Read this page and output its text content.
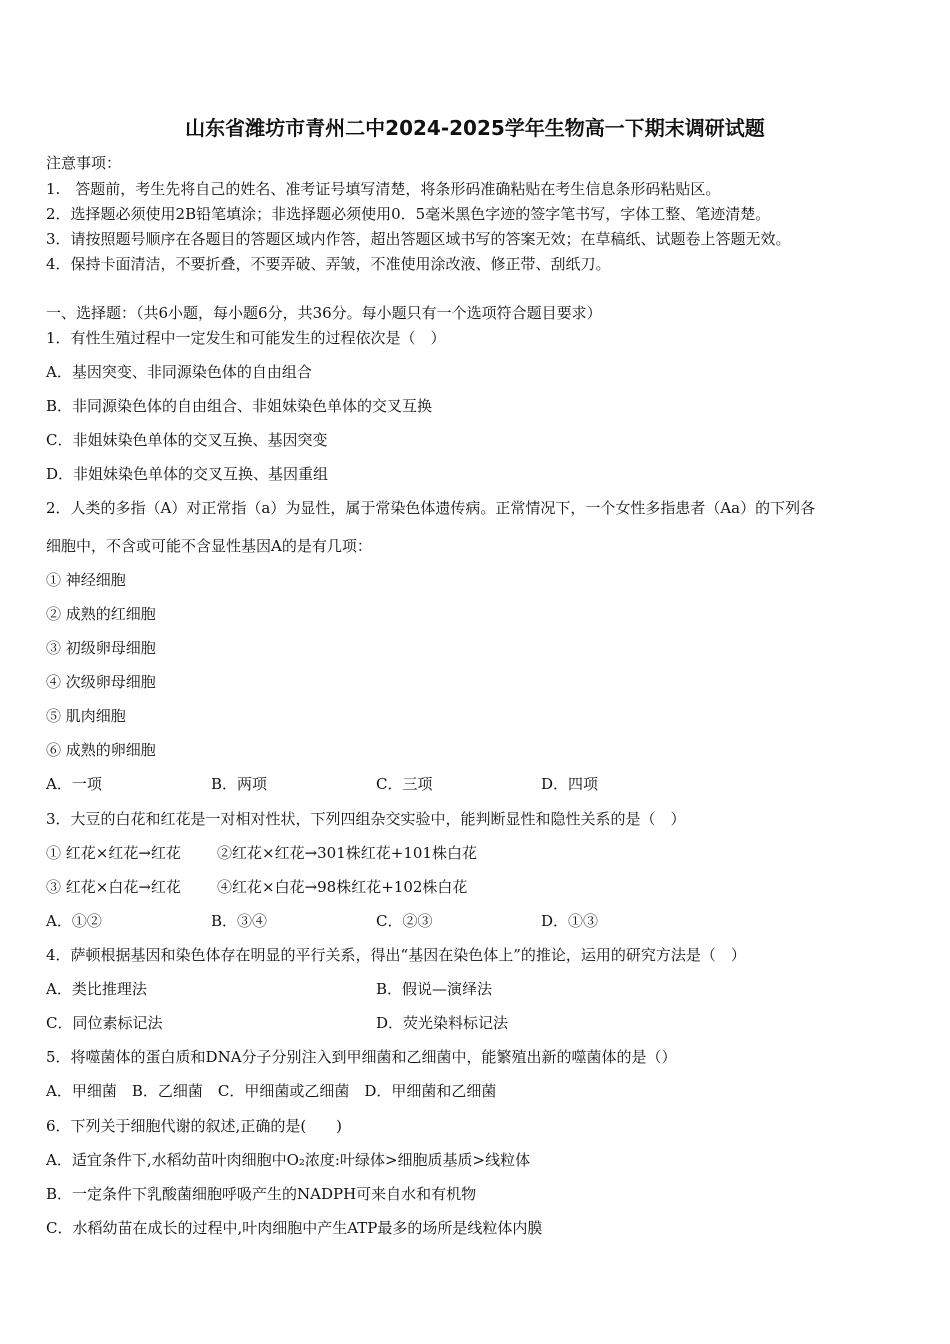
山东省潍坊市青州二中2024-2025学年生物高一下期末调研试题
注意事项：
1.　答题前，考生先将自己的姓名、准考证号填写清楚，将条形码准确粘贴在考生信息条形码粘贴区。
2．选择题必须使用2B铅笔填涂；非选择题必须使用0．5毫米黑色字迹的签字笔书写，字体工整、笔迹清楚。
3．请按照题号顺序在各题目的答题区域内作答，超出答题区域书写的答案无效；在草稿纸、试题卷上答题无效。
4．保持卡面清洁，不要折叠，不要弄破、弄皱，不准使用涂改液、修正带、刮纸刀。
一、选择题：（共6小题，每小题6分，共36分。每小题只有一个选项符合题目要求）
1．有性生殖过程中一定发生和可能发生的过程依次是（　）
A．基因突变、非同源染色体的自由组合
B．非同源染色体的自由组合、非姐妹染色单体的交叉互换
C．非姐妹染色单体的交叉互换、基因突变
D．非姐妹染色单体的交叉互换、基因重组
2．人类的多指（A）对正常指（a）为显性，属于常染色体遗传病。正常情况下，一个女性多指患者（Aa）的下列各
细胞中，不含或可能不含显性基因A的是有几项：
① 神经细胞
② 成熟的红细胞
③ 初级卵母细胞
④ 次级卵母细胞
⑤ 肌肉细胞
⑥ 成熟的卵细胞
A．一项	B．两项	C．三项	D．四项
3．大豆的白花和红花是一对相对性状，下列四组杂交实验中，能判断显性和隐性关系的是（　）
① 红花×红花→红花 ②红花×红花→301株红花+101株白花
③ 红花×白花→红花 ④红花×白花→98株红花+102株白花
A．①②	B．③④	C．②③	D．①③
4．萨顿根据基因和染色体存在明显的平行关系，得出“基因在染色体上”的推论，运用的研究方法是（　）
A．类比推理法	B．假说—演绎法
C．同位素标记法	D．荧光染料标记法
5．将噬菌体的蛋白质和DNA分子分别注入到甲细菌和乙细菌中，能繁殖出新的噬菌体的是（）
A．甲细菌　B．乙细菌　C．甲细菌或乙细菌　D．甲细菌和乙细菌
6．下列关于细胞代谢的叙述,正确的是(　　)
A．适宜条件下,水稻幼苗叶肉细胞中O₂浓度:叶绿体>细胞质基质>线粒体
B．一定条件下乳酸菌细胞呼吸产生的NADPH可来自水和有机物
C．水稻幼苗在成长的过程中,叶肉细胞中产生ATP最多的场所是线粒体内膜
